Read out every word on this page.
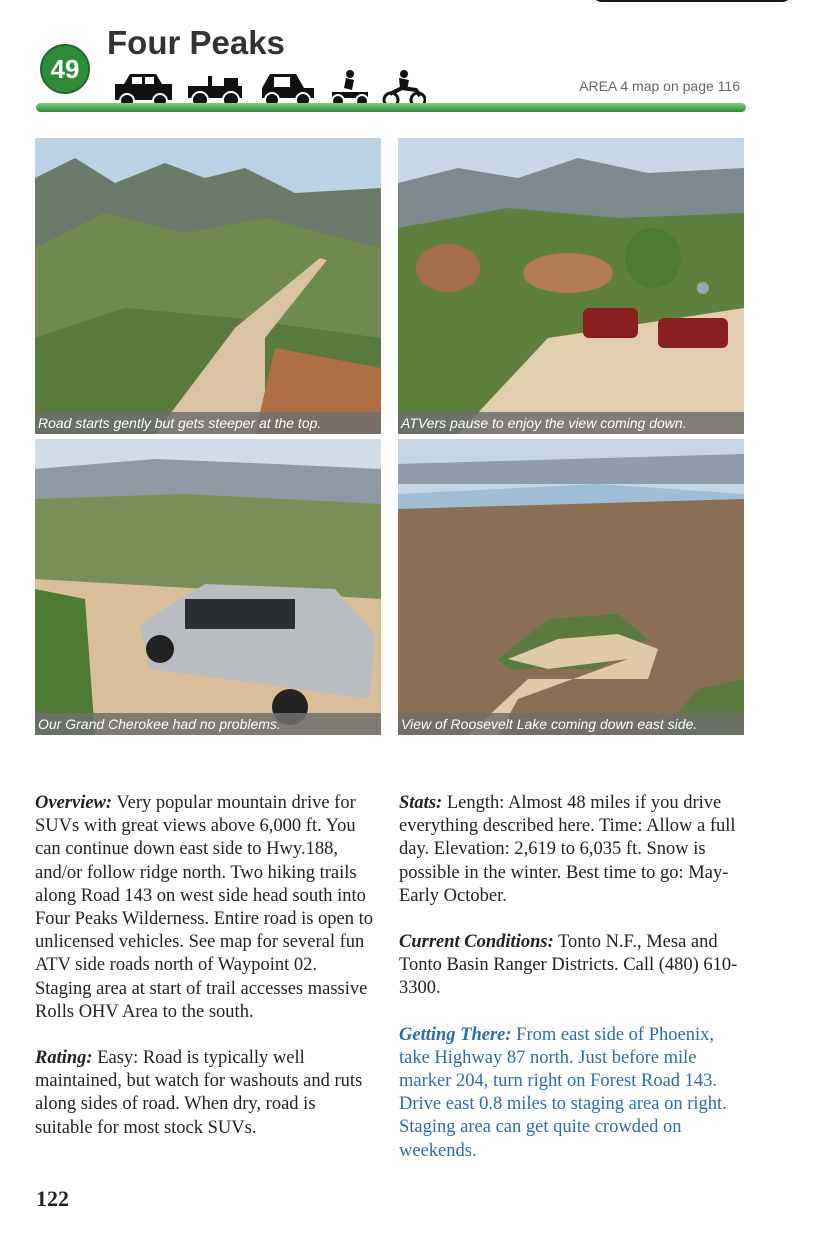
49
Four Peaks
AREA 4 map on page 116
Road starts gently but gets steeper at the top.	ATVers pause to enjoy the view coming down.
Our Grand Cherokee had no problems.	View of Roosevelt Lake coming down east side.

Overview: Very popular mountain drive for SUVs with great views above 6,000 ft. You can continue down east side to Hwy.188, and/or follow ridge north. Two hiking trails along Road 143 on west side head south into Four Peaks Wilderness. Entire road is open to unlicensed vehicles. See map for several fun ATV side roads north of Waypoint 02. Staging area at start of trail accesses massive Rolls OHV Area to the south.

Rating: Easy: Road is typically well maintained, but watch for washouts and ruts along sides of road. When dry, road is suitable for most stock SUVs.

Stats: Length: Almost 48 miles if you drive everything described here. Time: Allow a full day. Elevation: 2,619 to 6,035 ft. Snow is possible in the winter. Best time to go: May-Early October.

Current Conditions: Tonto N.F., Mesa and Tonto Basin Ranger Districts. Call (480) 610-3300.

Getting There: From east side of Phoenix, take Highway 87 north. Just before mile marker 204, turn right on Forest Road 143. Drive east 0.8 miles to staging area on right. Staging area can get quite crowded on weekends.

122
